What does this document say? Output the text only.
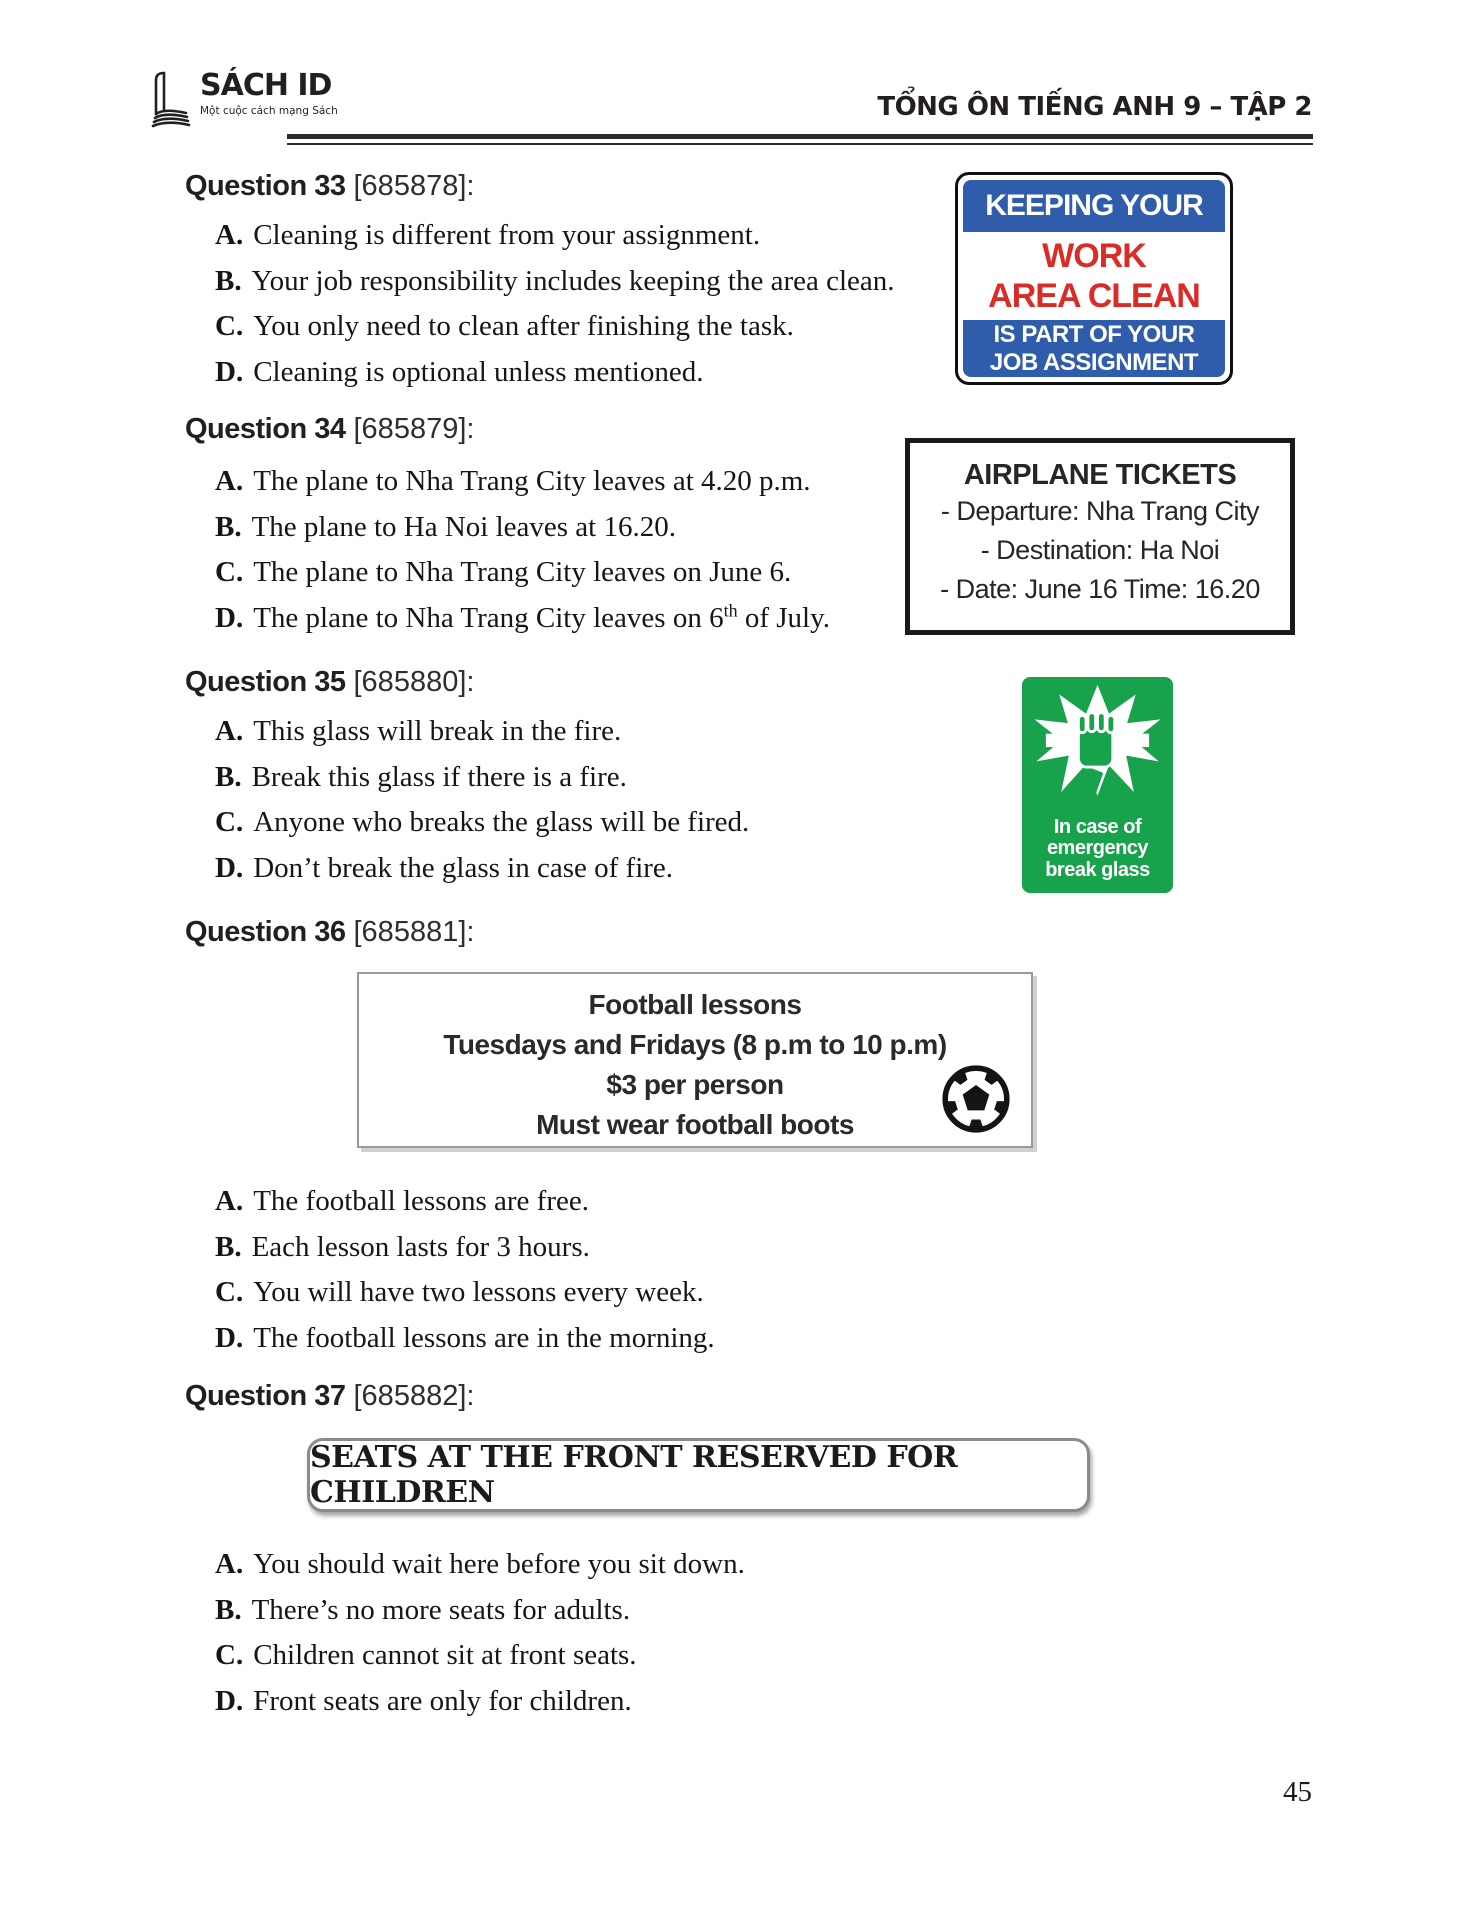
SÁCH ID
Một cuộc cách mạng Sách	TỔNG ÔN TIẾNG ANH 9 – TẬP 2
Question 33 [685878]:
A. Cleaning is different from your assignment.
B. Your job responsibility includes keeping the area clean.
C. You only need to clean after finishing the task.
D. Cleaning is optional unless mentioned.
KEEPING YOUR
WORK
AREA CLEAN
IS PART OF YOUR
JOB ASSIGNMENT
Question 34 [685879]:
A. The plane to Nha Trang City leaves at 4.20 p.m.
B. The plane to Ha Noi leaves at 16.20.
C. The plane to Nha Trang City leaves on June 6.
D. The plane to Nha Trang City leaves on 6th of July.
AIRPLANE TICKETS
- Departure: Nha Trang City
- Destination: Ha Noi
- Date: June 16 Time: 16.20
Question 35 [685880]:
A. This glass will break in the fire.
B. Break this glass if there is a fire.
C. Anyone who breaks the glass will be fired.
D. Don’t break the glass in case of fire.
In case of
emergency
break glass
Question 36 [685881]:
Football lessons
Tuesdays and Fridays (8 p.m to 10 p.m)
$3 per person
Must wear football boots
A. The football lessons are free.
B. Each lesson lasts for 3 hours.
C. You will have two lessons every week.
D. The football lessons are in the morning.
Question 37 [685882]:
SEATS AT THE FRONT RESERVED FOR CHILDREN
A. You should wait here before you sit down.
B. There’s no more seats for adults.
C. Children cannot sit at front seats.
D. Front seats are only for children.
45
